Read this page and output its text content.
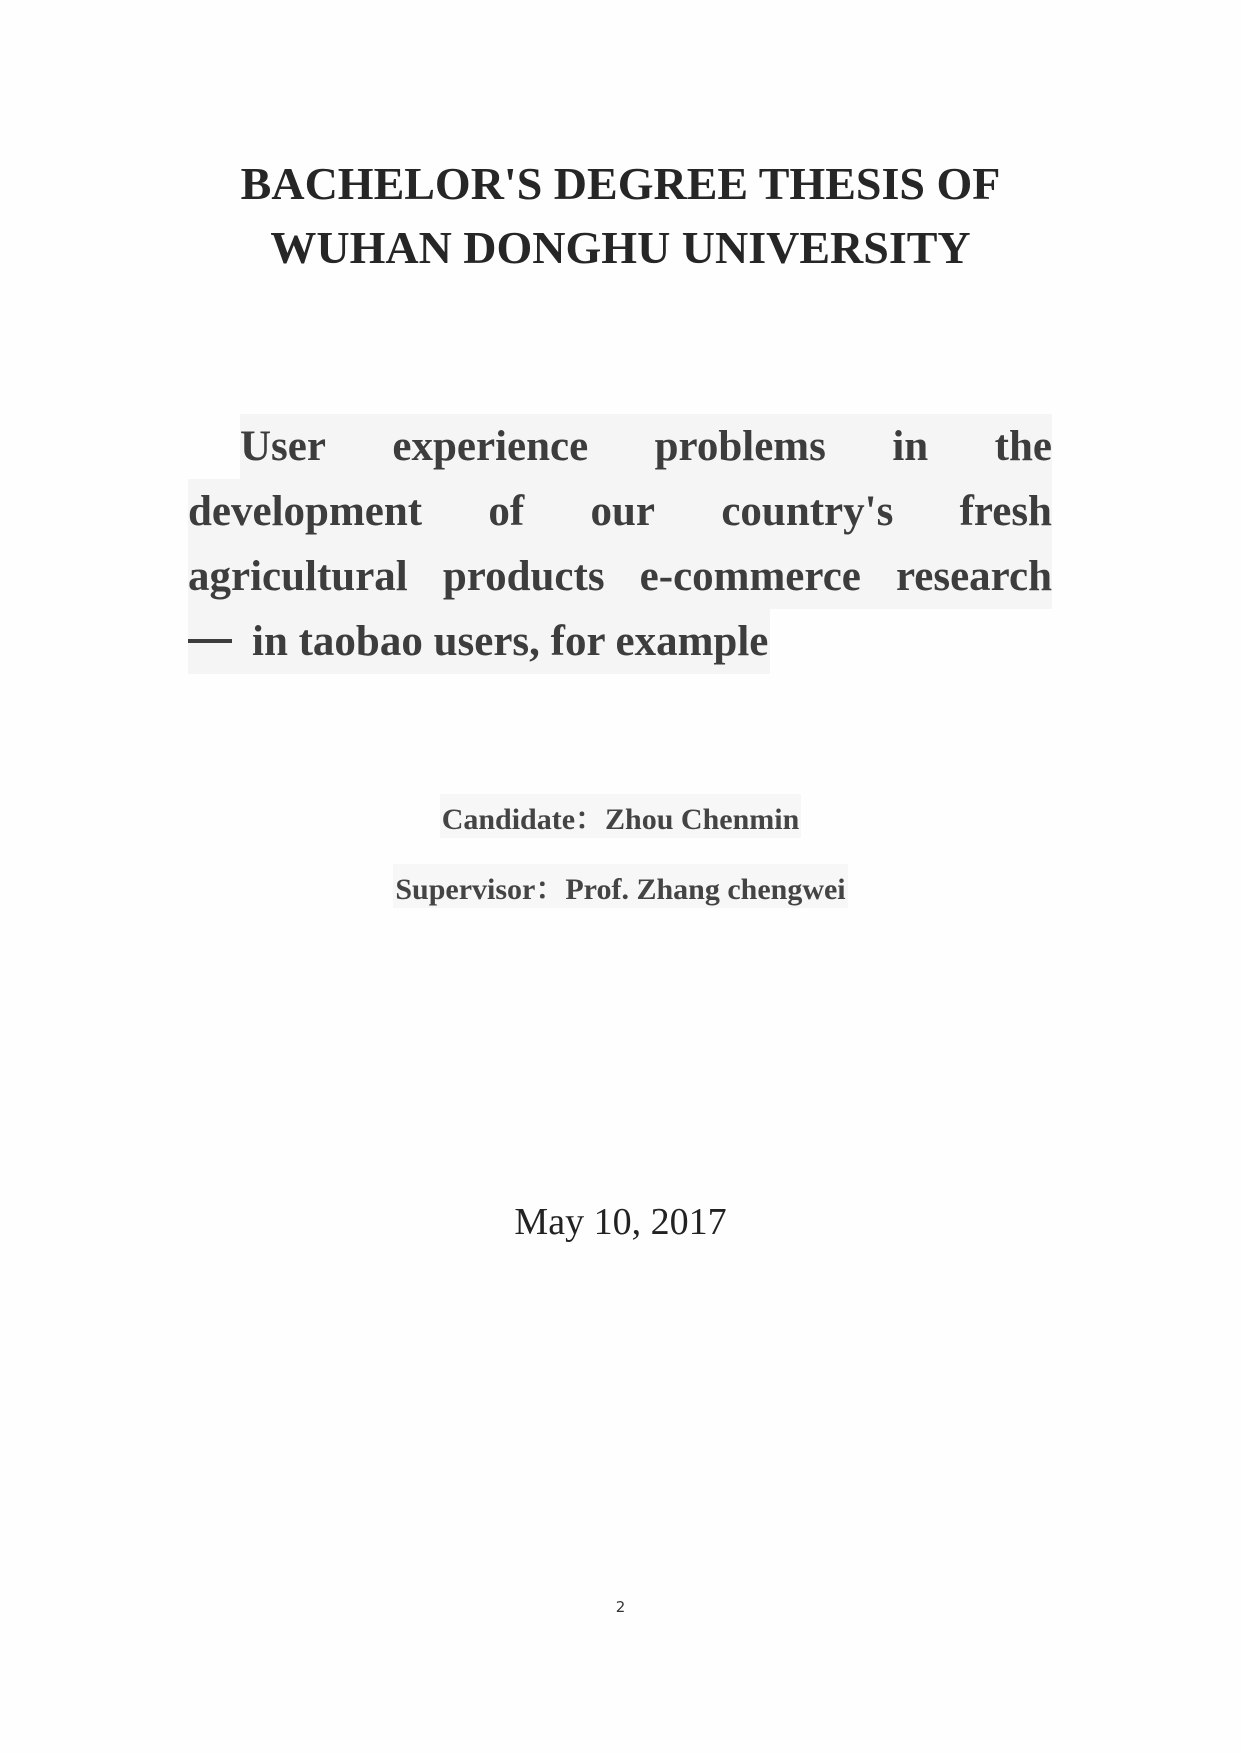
BACHELOR'S DEGREE THESIS OF
WUHAN DONGHU UNIVERSITY
User experience problems in the
development of our country's fresh
agricultural products e-commerce research
in taobao users, for example
Candidate：Zhou Chenmin
Supervisor：Prof. Zhang chengwei
May 10, 2017
2
